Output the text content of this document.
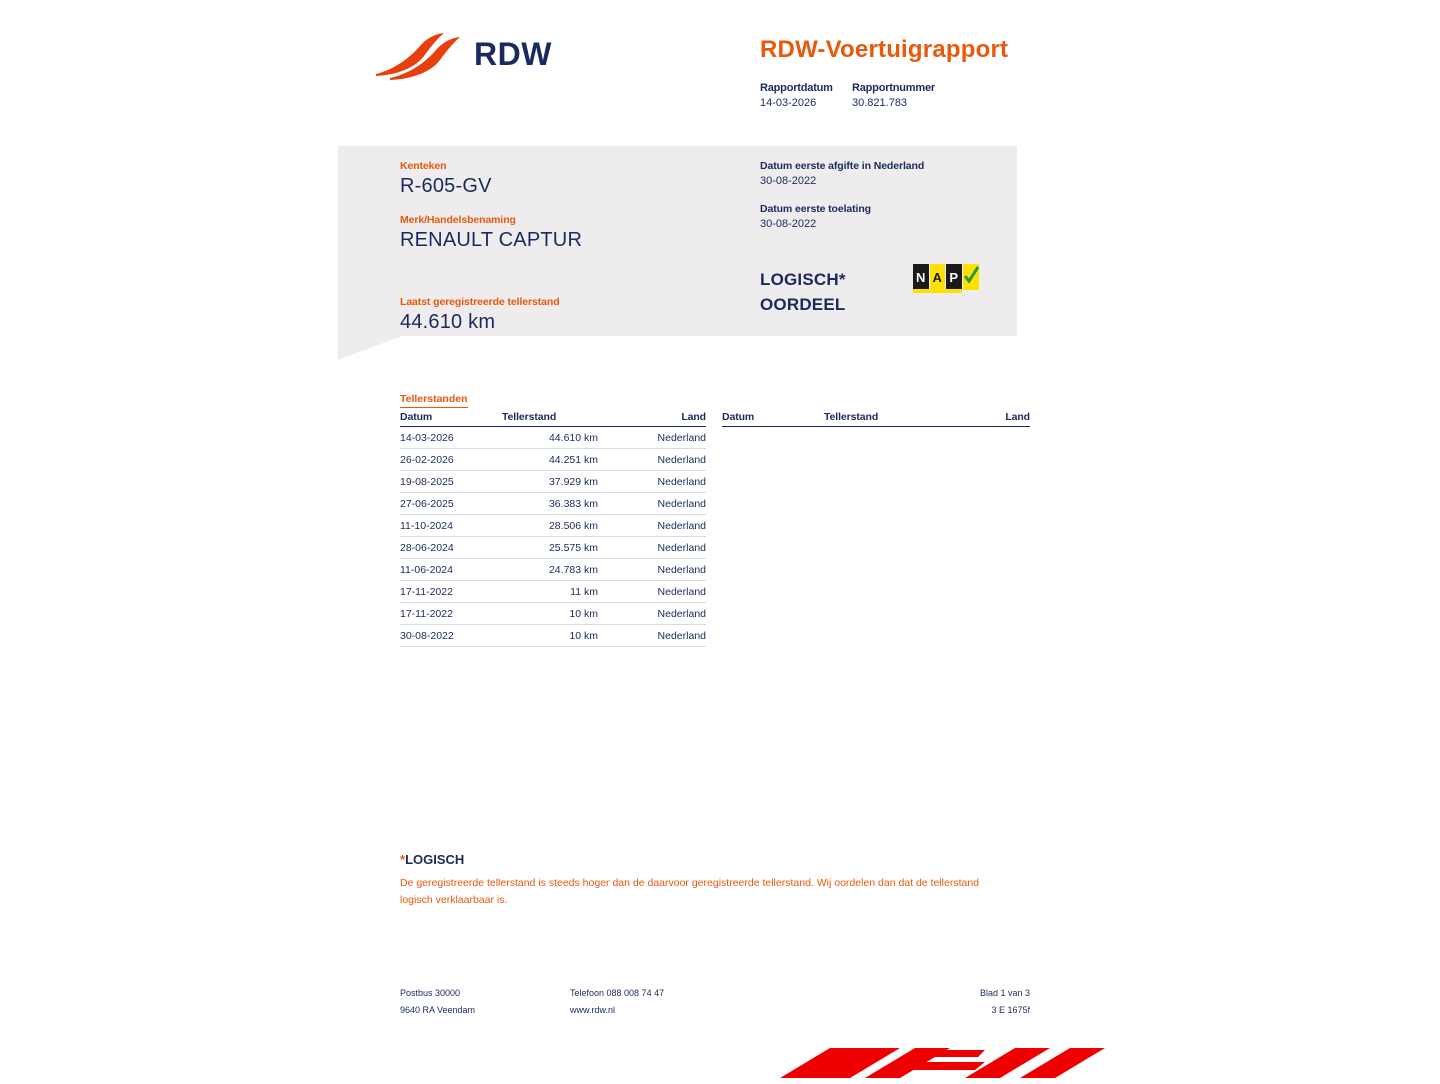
RDW	RDW-Voertuigrapport
Rapportdatum	Rapportnummer
14-03-2026	30.821.783
Kenteken
R-605-GV
Merk/Handelsbenaming
RENAULT CAPTUR
Laatst geregistreerde tellerstand
44.610 km
Datum eerste afgifte in Nederland
30-08-2022
Datum eerste toelating
30-08-2022
LOGISCH*
OORDEEL
N A P
Tellerstanden
Datum	Tellerstand	Land
14-03-2026	44.610 km	Nederland
26-02-2026	44.251 km	Nederland
19-08-2025	37.929 km	Nederland
27-06-2025	36.383 km	Nederland
11-10-2024	28.506 km	Nederland
28-06-2024	25.575 km	Nederland
11-06-2024	24.783 km	Nederland
17-11-2022	11 km	Nederland
17-11-2022	10 km	Nederland
30-08-2022	10 km	Nederland
Datum	Tellerstand	Land
*LOGISCH
De geregistreerde tellerstand is steeds hoger dan de daarvoor geregistreerde tellerstand. Wij oordelen dan dat de tellerstand logisch verklaarbaar is.
Postbus 30000	Telefoon 088 008 74 47	Blad 1 van 3
9640 RA Veendam	www.rdw.nl	3 E 1675f
